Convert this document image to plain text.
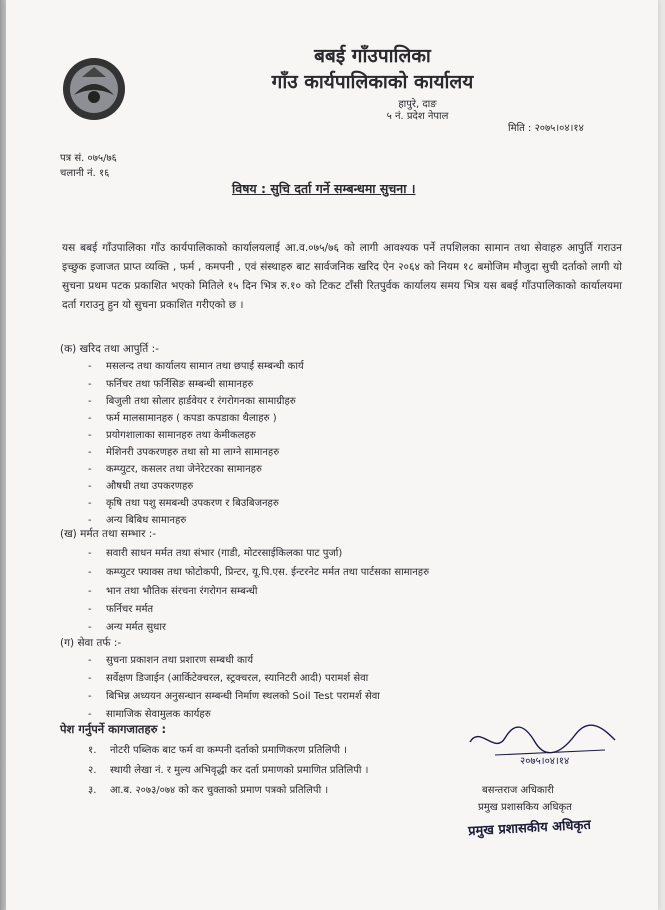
बबई गाँउपालिका
गाँउ कार्यपालिकाको कार्यालय
हापुरे, दाङ
५ नं. प्रदेश नेपाल
मिति : २०७५।०४।१४
पत्र सं. ०७५/७६
चलानी नं. १६
विषय : सुचि दर्ता गर्ने सम्बन्धमा सुचना ।
यस बबई गाँउपालिका गाँउ कार्यपालिकाको कार्यालयलाई आ.व.०७५/७६ को लागी आवश्यक पर्ने तपशिलका सामान तथा सेवाहरु आपुर्ति गराउन इच्छुक इजाजत प्राप्त व्यक्ति , फर्म , कमपनी , एवं संस्थाहरु बाट सार्वजनिक खरिद ऐन २०६४ को नियम १८ बमोजिम मौजुदा सुची दर्ताको लागी यो सुचना प्रथम पटक प्रकाशित भएको मितिले १५ दिन भित्र रु.१० को टिकट टाँसी रितपुर्वक कार्यालय समय भित्र यस बबई गाँउपालिकाको कार्यालयमा दर्ता गराउनु हुन यो सुचना प्रकाशित गरीएको छ ।
(क) खरिद तथा आपुर्ति :-
- मसलन्द तथा कार्यालय सामान तथा छपाई सम्बन्धी कार्य
- फर्निचर तथा फर्निसिङ सम्बन्धी सामानहरु
- बिजुली तथा सोलार हार्डवेयर र रंगरोगनका सामाग्रीहरु
- फर्म मालसामानहरु ( कपडा कपडाका थैलाहरु )
- प्रयोगशालाका सामानहरु तथा केमीकलहरु
- मेशिनरी उपकरणहरु तथा सो मा लाग्ने सामानहरु
- कम्प्युटर, कसलर तथा जेनेरेटरका सामानहरु
- औषधी तथा उपकरणहरु
- कृषि तथा पशु समबन्धी उपकरण र बिउबिजनहरु
- अन्य बिबिध सामानहरु
(ख) मर्मत तथा सम्भार :-
- सवारी साधन मर्मत तथा संभार (गाडी, मोटरसाईकिलका पाट पुर्जा)
- कम्प्युटर फ्याक्स तथा फोटोकपी, प्रिन्टर, यू.पि.एस. ईन्टरनेट मर्मत तथा पार्टसका सामानहरु
- भान तथा भौतिक संरचना रंगरोगन सम्बन्धी
- फर्निचर मर्मत
- अन्य मर्मत सुधार
(ग) सेवा तर्फ :-
- सुचना प्रकाशन तथा प्रशारण सम्बधी कार्य
- सर्वेक्षण डिजाईन (आर्किटेक्चरल, स्ट्रक्चरल, स्यानिटरी आदी) परामर्श सेवा
- बिभिन्न अध्ययन अनुसन्धान सम्बन्धी निर्माण स्थलको Soil Test परामर्श सेवा
- सामाजिक सेवामुलक कार्यहरु
पेश गर्नुपर्ने कागजातहरु :
१. नोटरी पब्लिक बाट फर्म वा कम्पनी दर्ताको प्रमाणिकरण प्रतिलिपी ।
२. स्थायी लेखा नं. र मुल्य अभिवृद्धी कर दर्ता प्रमाणको प्रमाणित प्रतिलिपी ।
३. आ.ब. २०७३/०७४ को कर चुक्ताको प्रमाण पत्रको प्रतिलिपी ।
२०७५।०४।१४
बसन्तराज अधिकारी
प्रमुख प्रशासकिय अधिकृत
प्रमुख प्रशासकीय अधिकृत
